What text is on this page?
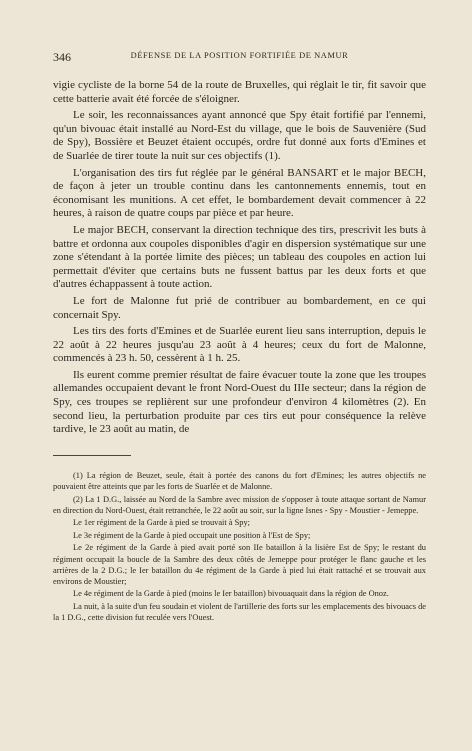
346	DÉFENSE DE LA POSITION FORTIFIÉE DE NAMUR

vigie cycliste de la borne 54 de la route de Bruxelles, qui réglait le tir, fit savoir que cette batterie avait été forcée de s'éloigner.

Le soir, les reconnaissances ayant annoncé que Spy était fortifié par l'ennemi, qu'un bivouac était installé au Nord-Est du village, que le bois de Sauvenière (Sud de Spy), Bossière et Beuzet étaient occupés, ordre fut donné aux forts d'Emines et de Suarlée de tirer toute la nuit sur ces objectifs (1).

L'organisation des tirs fut réglée par le général BANSART et le major BECH, de façon à jeter un trouble continu dans les cantonnements ennemis, tout en économisant les munitions. A cet effet, le bombardement devait commencer à 22 heures, à raison de quatre coups par pièce et par heure.

Le major BECH, conservant la direction technique des tirs, prescrivit les buts à battre et ordonna aux coupoles disponibles d'agir en dispersion systématique sur une zone s'étendant à la portée limite des pièces; un tableau des coupoles en action lui permettait d'éviter que certains buts ne fussent battus par les deux forts et que d'autres échappassent à toute action.

Le fort de Malonne fut prié de contribuer au bombardement, en ce qui concernait Spy.

Les tirs des forts d'Emines et de Suarlée eurent lieu sans interruption, depuis le 22 août à 22 heures jusqu'au 23 août à 4 heures; ceux du fort de Malonne, commencés à 23 h. 50, cessèrent à 1 h. 25.

Ils eurent comme premier résultat de faire évacuer toute la zone que les troupes allemandes occupaient devant le front Nord-Ouest du IIIe secteur; dans la région de Spy, ces troupes se replièrent sur une profondeur d'environ 4 kilomètres (2). En second lieu, la perturbation produite par ces tirs eut pour conséquence la relève tardive, le 23 août au matin, de

(1) La région de Beuzet, seule, était à portée des canons du fort d'Emines; les autres objectifs ne pouvaient être atteints que par les forts de Suarlée et de Malonne.

(2) La 1 D.G., laissée au Nord de la Sambre avec mission de s'opposer à toute attaque sortant de Namur en direction du Nord-Ouest, était retranchée, le 22 août au soir, sur la ligne Isnes - Spy - Moustier - Jemeppe.

Le 1er régiment de la Garde à pied se trouvait à Spy;

Le 3e régiment de la Garde à pied occupait une position à l'Est de Spy;

Le 2e régiment de la Garde à pied avait porté son IIe bataillon à la lisière Est de Spy; le restant du régiment occupait la boucle de la Sambre des deux côtés de Jemeppe pour protéger le flanc gauche et les arrières de la 2 D.G.; le Ier bataillon du 4e régiment de la Garde à pied lui était rattaché et se trouvait aux environs de Moustier;

Le 4e régiment de la Garde à pied (moins le Ier bataillon) bivouaquait dans la région de Onoz.

La nuit, à la suite d'un feu soudain et violent de l'artillerie des forts sur les emplacements des bivouacs de la 1 D.G., cette division fut reculée vers l'Ouest.
